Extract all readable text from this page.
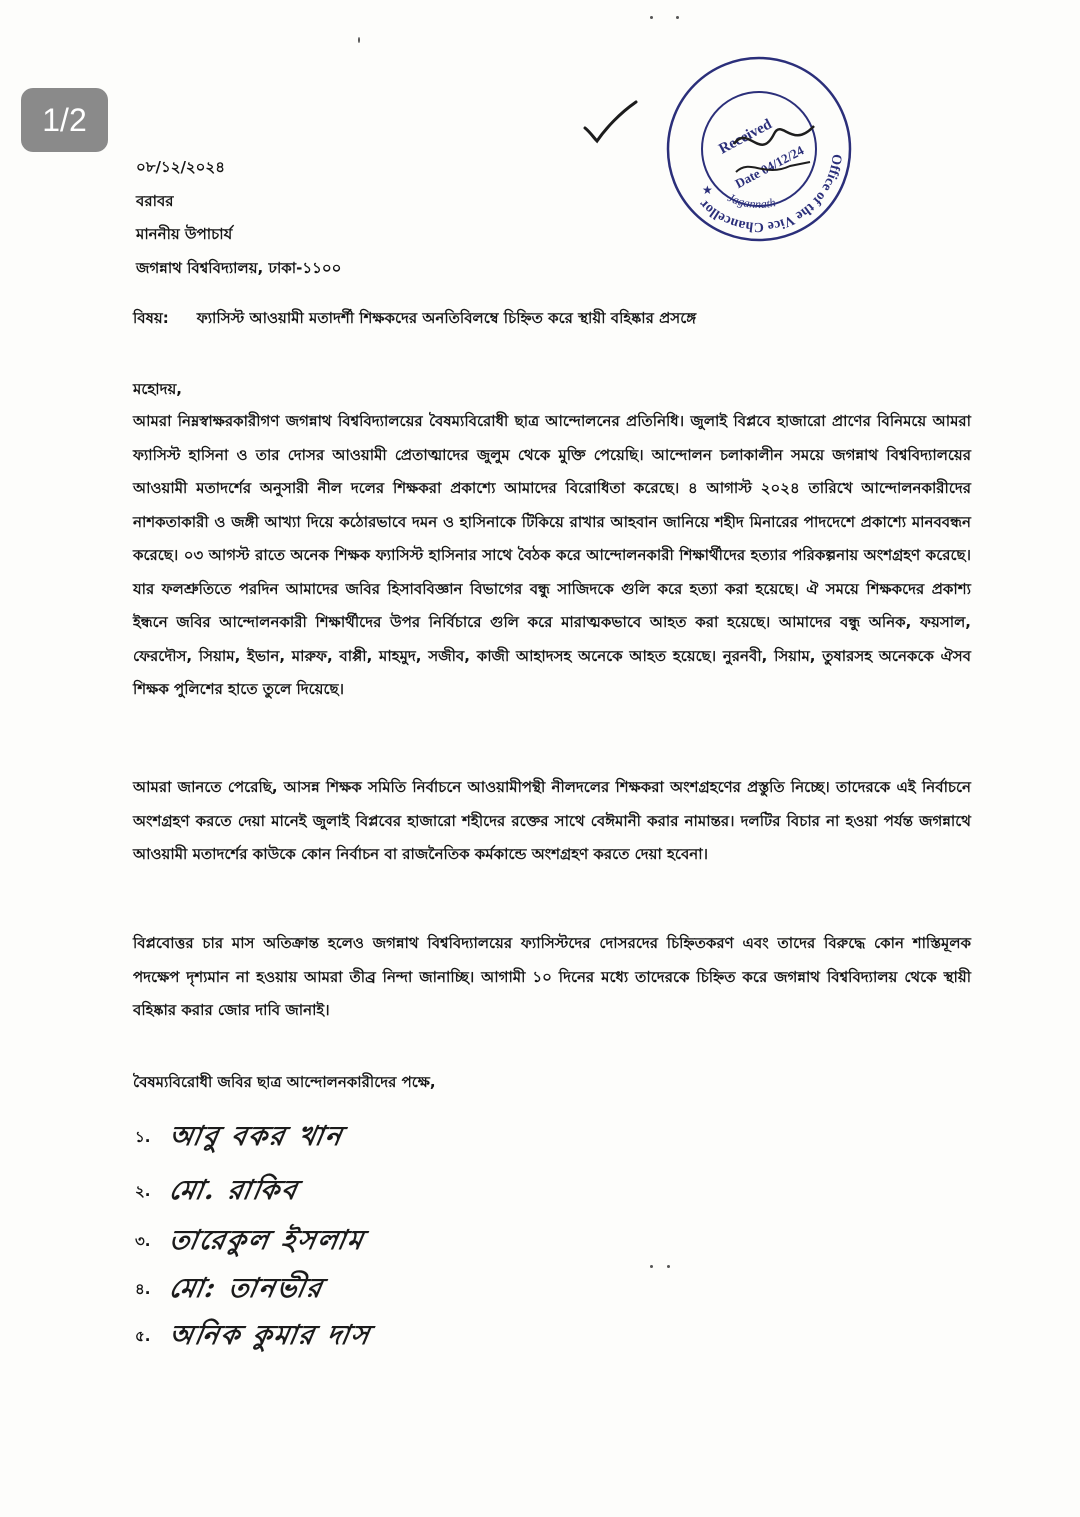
1/2
Office of the Vice Chancellor	Jagannath
Received
Date 04/12/24
★
০৮/১২/২০২৪
বরাবর
মাননীয় উপাচার্য
জগন্নাথ বিশ্ববিদ্যালয়, ঢাকা-১১০০
বিষয়: ফ্যাসিস্ট আওয়ামী মতাদর্শী শিক্ষকদের অনতিবিলম্বে চিহ্নিত করে স্থায়ী বহিষ্কার প্রসঙ্গে
মহোদয়,

আমরা নিম্নস্বাক্ষরকারীগণ জগন্নাথ বিশ্ববিদ্যালয়ের বৈষম্যবিরোধী ছাত্র আন্দোলনের প্রতিনিধি। জুলাই বিপ্লবে হাজারো প্রাণের বিনিময়ে আমরা ফ্যাসিস্ট হাসিনা ও তার দোসর আওয়ামী প্রেতাত্মাদের জুলুম থেকে মুক্তি পেয়েছি। আন্দোলন চলাকালীন সময়ে জগন্নাথ বিশ্ববিদ্যালয়ের আওয়ামী মতাদর্শের অনুসারী নীল দলের শিক্ষকরা প্রকাশ্যে আমাদের বিরোধিতা করেছে। ৪ আগাস্ট ২০২৪ তারিখে আন্দোলনকারীদের নাশকতাকারী ও জঙ্গী আখ্যা দিয়ে কঠোরভাবে দমন ও হাসিনাকে টিকিয়ে রাখার আহবান জানিয়ে শহীদ মিনারের পাদদেশে প্রকাশ্যে মানববন্ধন করেছে। ০৩ আগস্ট রাতে অনেক শিক্ষক ফ্যাসিস্ট হাসিনার সাথে বৈঠক করে আন্দোলনকারী শিক্ষার্থীদের হত্যার পরিকল্পনায় অংশগ্রহণ করেছে। যার ফলশ্রুতিতে পরদিন আমাদের জবির হিসাববিজ্ঞান বিভাগের বন্ধু সাজিদকে গুলি করে হত্যা করা হয়েছে। ঐ সময়ে শিক্ষকদের প্রকাশ্য ইন্ধনে জবির আন্দোলনকারী শিক্ষার্থীদের উপর নির্বিচারে গুলি করে মারাত্মকভাবে আহত করা হয়েছে। আমাদের বন্ধু অনিক, ফয়সাল, ফেরদৌস, সিয়াম, ইভান, মারুফ, বাপ্পী, মাহমুদ, সজীব, কাজী আহাদসহ অনেকে আহত হয়েছে। নুরনবী, সিয়াম, তুষারসহ অনেককে ঐসব শিক্ষক পুলিশের হাতে তুলে দিয়েছে।

আমরা জানতে পেরেছি, আসন্ন শিক্ষক সমিতি নির্বাচনে আওয়ামীপন্থী নীলদলের শিক্ষকরা অংশগ্রহণের প্রস্তুতি নিচ্ছে। তাদেরকে এই নির্বাচনে অংশগ্রহণ করতে দেয়া মানেই জুলাই বিপ্লবের হাজারো শহীদের রক্তের সাথে বেঈমানী করার নামান্তর। দলটির বিচার না হওয়া পর্যন্ত জগন্নাথে আওয়ামী মতাদর্শের কাউকে কোন নির্বাচন বা রাজনৈতিক কর্মকান্ডে অংশগ্রহণ করতে দেয়া হবেনা।

বিপ্লবোত্তর চার মাস অতিক্রান্ত হলেও জগন্নাথ বিশ্ববিদ্যালয়ের ফ্যাসিস্টদের দোসরদের চিহ্নিতকরণ এবং তাদের বিরুদ্ধে কোন শাস্তিমূলক পদক্ষেপ দৃশ্যমান না হওয়ায় আমরা তীব্র নিন্দা জানাচ্ছি। আগামী ১০ দিনের মধ্যে তাদেরকে চিহ্নিত করে জগন্নাথ বিশ্ববিদ্যালয় থেকে স্থায়ী বহিষ্কার করার জোর দাবি জানাই।

বৈষম্যবিরোধী জবির ছাত্র আন্দোলনকারীদের পক্ষে,
১. আবু বকর খান
২. মো. রাকিব
৩. তারেকুল ইসলাম
৪. মো: তানভীর
৫. অনিক কুমার দাস
